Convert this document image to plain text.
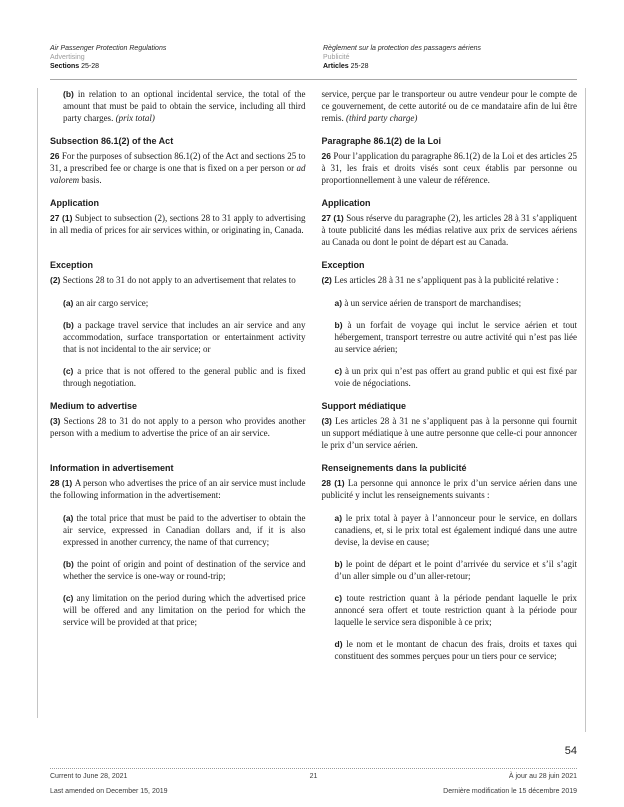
Air Passenger Protection Regulations
Advertising
Sections 25-28
Règlement sur la protection des passagers aériens
Publicité
Articles 25-28
(b) in relation to an optional incidental service, the total of the amount that must be paid to obtain the service, including all third party charges. (prix total)
service, perçue par le transporteur ou autre vendeur pour le compte de ce gouvernement, de cette autorité ou de ce mandataire afin de lui être remis. (third party charge)
Subsection 86.1(2) of the Act
26 For the purposes of subsection 86.1(2) of the Act and sections 25 to 31, a prescribed fee or charge is one that is fixed on a per person or ad valorem basis.
Paragraphe 86.1(2) de la Loi
26 Pour l’application du paragraphe 86.1(2) de la Loi et des articles 25 à 31, les frais et droits visés sont ceux établis par personne ou proportionnellement à une valeur de référence.
Application
27 (1) Subject to subsection (2), sections 28 to 31 apply to advertising in all media of prices for air services within, or originating in, Canada.
Application
27 (1) Sous réserve du paragraphe (2), les articles 28 à 31 s’appliquent à toute publicité dans les médias relative aux prix de services aériens au Canada ou dont le point de départ est au Canada.
Exception
(2) Sections 28 to 31 do not apply to an advertisement that relates to
Exception
(2) Les articles 28 à 31 ne s’appliquent pas à la publicité relative :
(a) an air cargo service;
(b) a package travel service that includes an air service and any accommodation, surface transportation or entertainment activity that is not incidental to the air service; or
(c) a price that is not offered to the general public and is fixed through negotiation.
a) à un service aérien de transport de marchandises;
b) à un forfait de voyage qui inclut le service aérien et tout hébergement, transport terrestre ou autre activité qui n’est pas liée au service aérien;
c) à un prix qui n’est pas offert au grand public et qui est fixé par voie de négociations.
Medium to advertise
(3) Sections 28 to 31 do not apply to a person who provides another person with a medium to advertise the price of an air service.
Support médiatique
(3) Les articles 28 à 31 ne s’appliquent pas à la personne qui fournit un support médiatique à une autre personne que celle-ci pour annoncer le prix d’un service aérien.
Information in advertisement
28 (1) A person who advertises the price of an air service must include the following information in the advertisement:
Renseignements dans la publicité
28 (1) La personne qui annonce le prix d’un service aérien dans une publicité y inclut les renseignements suivants :
(a) the total price that must be paid to the advertiser to obtain the air service, expressed in Canadian dollars and, if it is also expressed in another currency, the name of that currency;
(b) the point of origin and point of destination of the service and whether the service is one-way or round-trip;
(c) any limitation on the period during which the advertised price will be offered and any limitation on the period for which the service will be provided at that price;
a) le prix total à payer à l’annonceur pour le service, en dollars canadiens, et, si le prix total est également indiqué dans une autre devise, la devise en cause;
b) le point de départ et le point d’arrivée du service et s’il s’agit d’un aller simple ou d’un aller-retour;
c) toute restriction quant à la période pendant laquelle le prix annoncé sera offert et toute restriction quant à la période pour laquelle le service sera disponible à ce prix;
d) le nom et le montant de chacun des frais, droits et taxes qui constituent des sommes perçues pour un tiers pour ce service;
54
Current to June 28, 2021	21	À jour au 28 juin 2021
Last amended on December 15, 2019	Dernière modification le 15 décembre 2019
